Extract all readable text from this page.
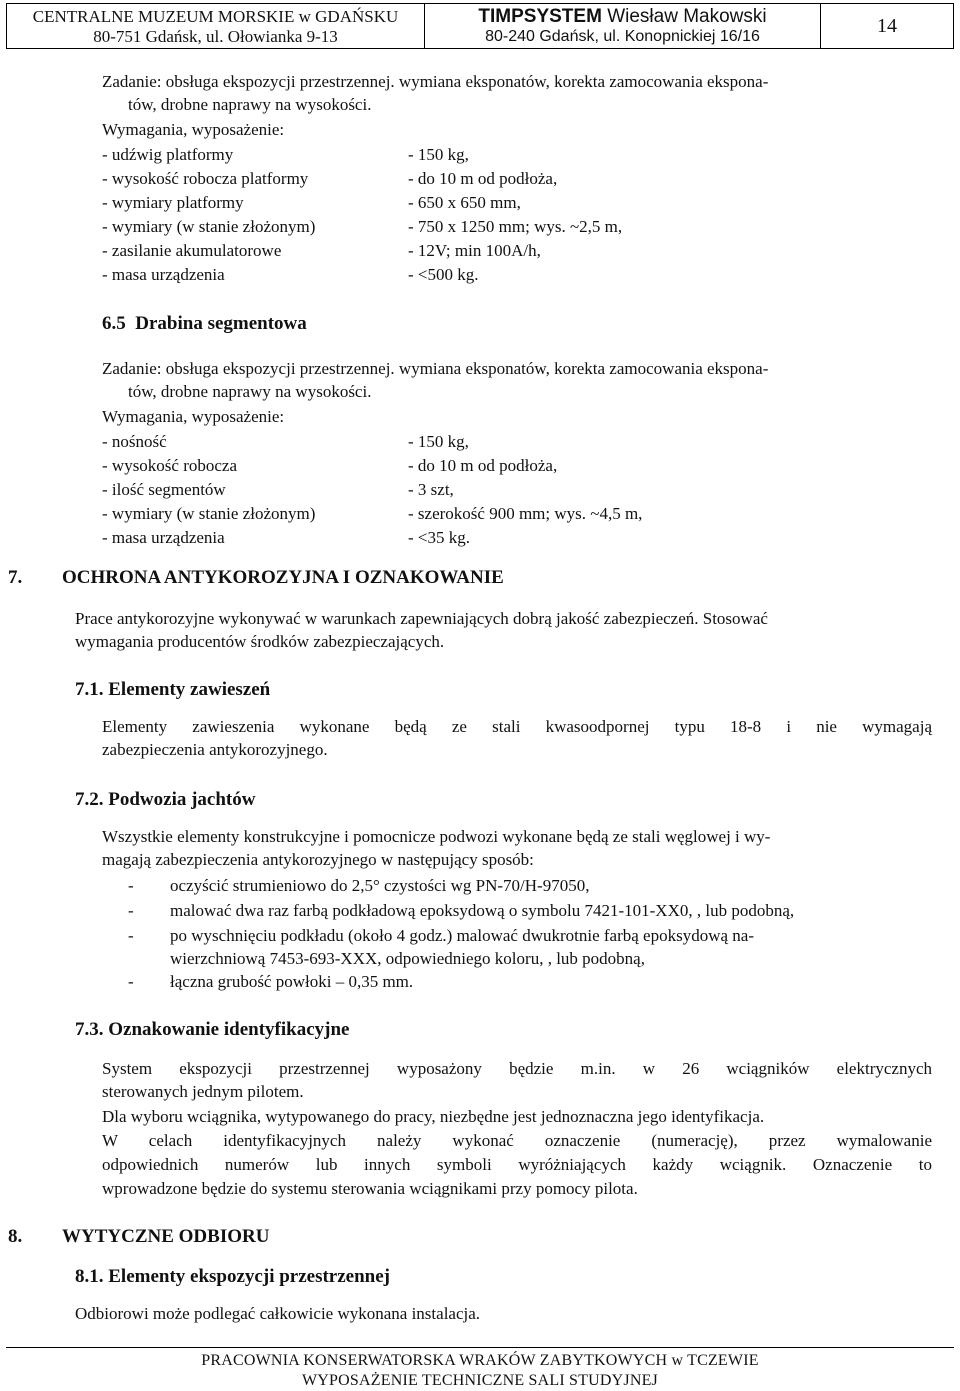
CENTRALNE MUZEUM MORSKIE w GDAŃSKU
80-751 Gdańsk, ul. Ołowianka 9-13
TIMPSYSTEM Wiesław Makowski
80-240 Gdańsk, ul. Konopnickiej 16/16	14
Zadanie: obsługa ekspozycji przestrzennej. wymiana eksponatów, korekta zamocowania ekspona-
tów, drobne naprawy na wysokości.
Wymagania, wyposażenie:
- udźwig platformy	- 150 kg,
- wysokość robocza platformy	- do 10 m od podłoża,
- wymiary platformy	- 650 x 650 mm,
- wymiary (w stanie złożonym)	- 750 x 1250 mm; wys. ~2,5 m,
- zasilanie akumulatorowe	- 12V; min 100A/h,
- masa urządzenia	- <500 kg.
6.5 Drabina segmentowa
Zadanie: obsługa ekspozycji przestrzennej. wymiana eksponatów, korekta zamocowania ekspona-
tów, drobne naprawy na wysokości.
Wymagania, wyposażenie:
- nośność	- 150 kg,
- wysokość robocza	- do 10 m od podłoża,
- ilość segmentów	- 3 szt,
- wymiary (w stanie złożonym)	- szerokość 900 mm; wys. ~4,5 m,
- masa urządzenia	- <35 kg.
7. OCHRONA ANTYKOROZYJNA I OZNAKOWANIE
Prace antykorozyjne wykonywać w warunkach zapewniających dobrą jakość zabezpieczeń. Stosować
wymagania producentów środków zabezpieczających.
7.1. Elementy zawieszeń
Elementy zawieszenia wykonane będą ze stali kwasoodpornej typu 18-8 i nie wymagają
zabezpieczenia antykorozyjnego.
7.2. Podwozia jachtów
Wszystkie elementy konstrukcyjne i pomocnicze podwozi wykonane będą ze stali węglowej i wy-
magają zabezpieczenia antykorozyjnego w następujący sposób:
- oczyścić strumieniowo do 2,5° czystości wg PN-70/H-97050,
- malować dwa raz farbą podkładową epoksydową o symbolu 7421-101-XX0, , lub podobną,
- po wyschnięciu podkładu (około 4 godz.) malować dwukrotnie farbą epoksydową na-
wierzchniową 7453-693-XXX, odpowiedniego koloru, , lub podobną,
- łączna grubość powłoki – 0,35 mm.
7.3. Oznakowanie identyfikacyjne
System ekspozycji przestrzennej wyposażony będzie m.in. w 26 wciągników elektrycznych
sterowanych jednym pilotem.
Dla wyboru wciągnika, wytypowanego do pracy, niezbędne jest jednoznaczna jego identyfikacja.
W celach identyfikacyjnych należy wykonać oznaczenie (numerację), przez wymalowanie
odpowiednich numerów lub innych symboli wyróżniających każdy wciągnik. Oznaczenie to
wprowadzone będzie do systemu sterowania wciągnikami przy pomocy pilota.
8. WYTYCZNE ODBIORU
8.1. Elementy ekspozycji przestrzennej
Odbiorowi może podlegać całkowicie wykonana instalacja.
PRACOWNIA KONSERWATORSKA WRAKÓW ZABYTKOWYCH w TCZEWIE
WYPOSAŻENIE TECHNICZNE SALI STUDYJNEJ
